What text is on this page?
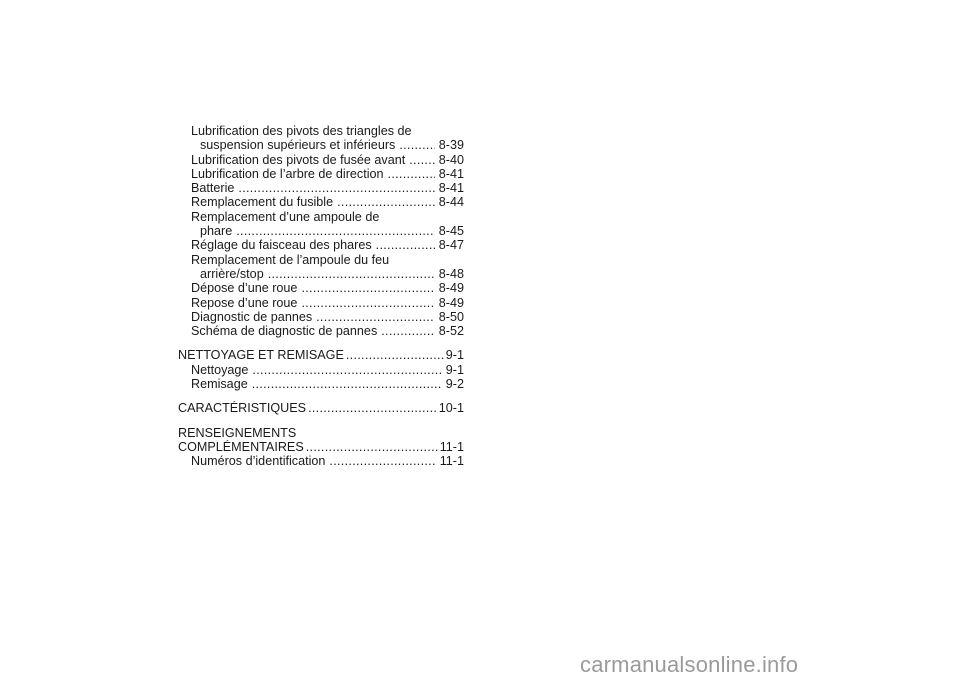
Lubrification des pivots des triangles de
suspension supérieurs et inférieurs .....	8-39
Lubrification des pivots de fusée avant .....	8-40
Lubrification de l’arbre de direction .....	8-41
Batterie .....	8-41
Remplacement du fusible .....	8-44
Remplacement d’une ampoule de
phare .....	8-45
Réglage du faisceau des phares .....	8-47
Remplacement de l’ampoule du feu
arrière/stop .....	8-48
Dépose d’une roue .....	8-49
Repose d’une roue .....	8-49
Diagnostic de pannes .....	8-50
Schéma de diagnostic de pannes .....	8-52
NETTOYAGE ET REMISAGE .....	9-1
Nettoyage .....	9-1
Remisage .....	9-2
CARACTÉRISTIQUES .....	10-1
RENSEIGNEMENTS
COMPLÉMENTAIRES .....	11-1
Numéros d’identification .....	11-1
carmanualsonline.info
